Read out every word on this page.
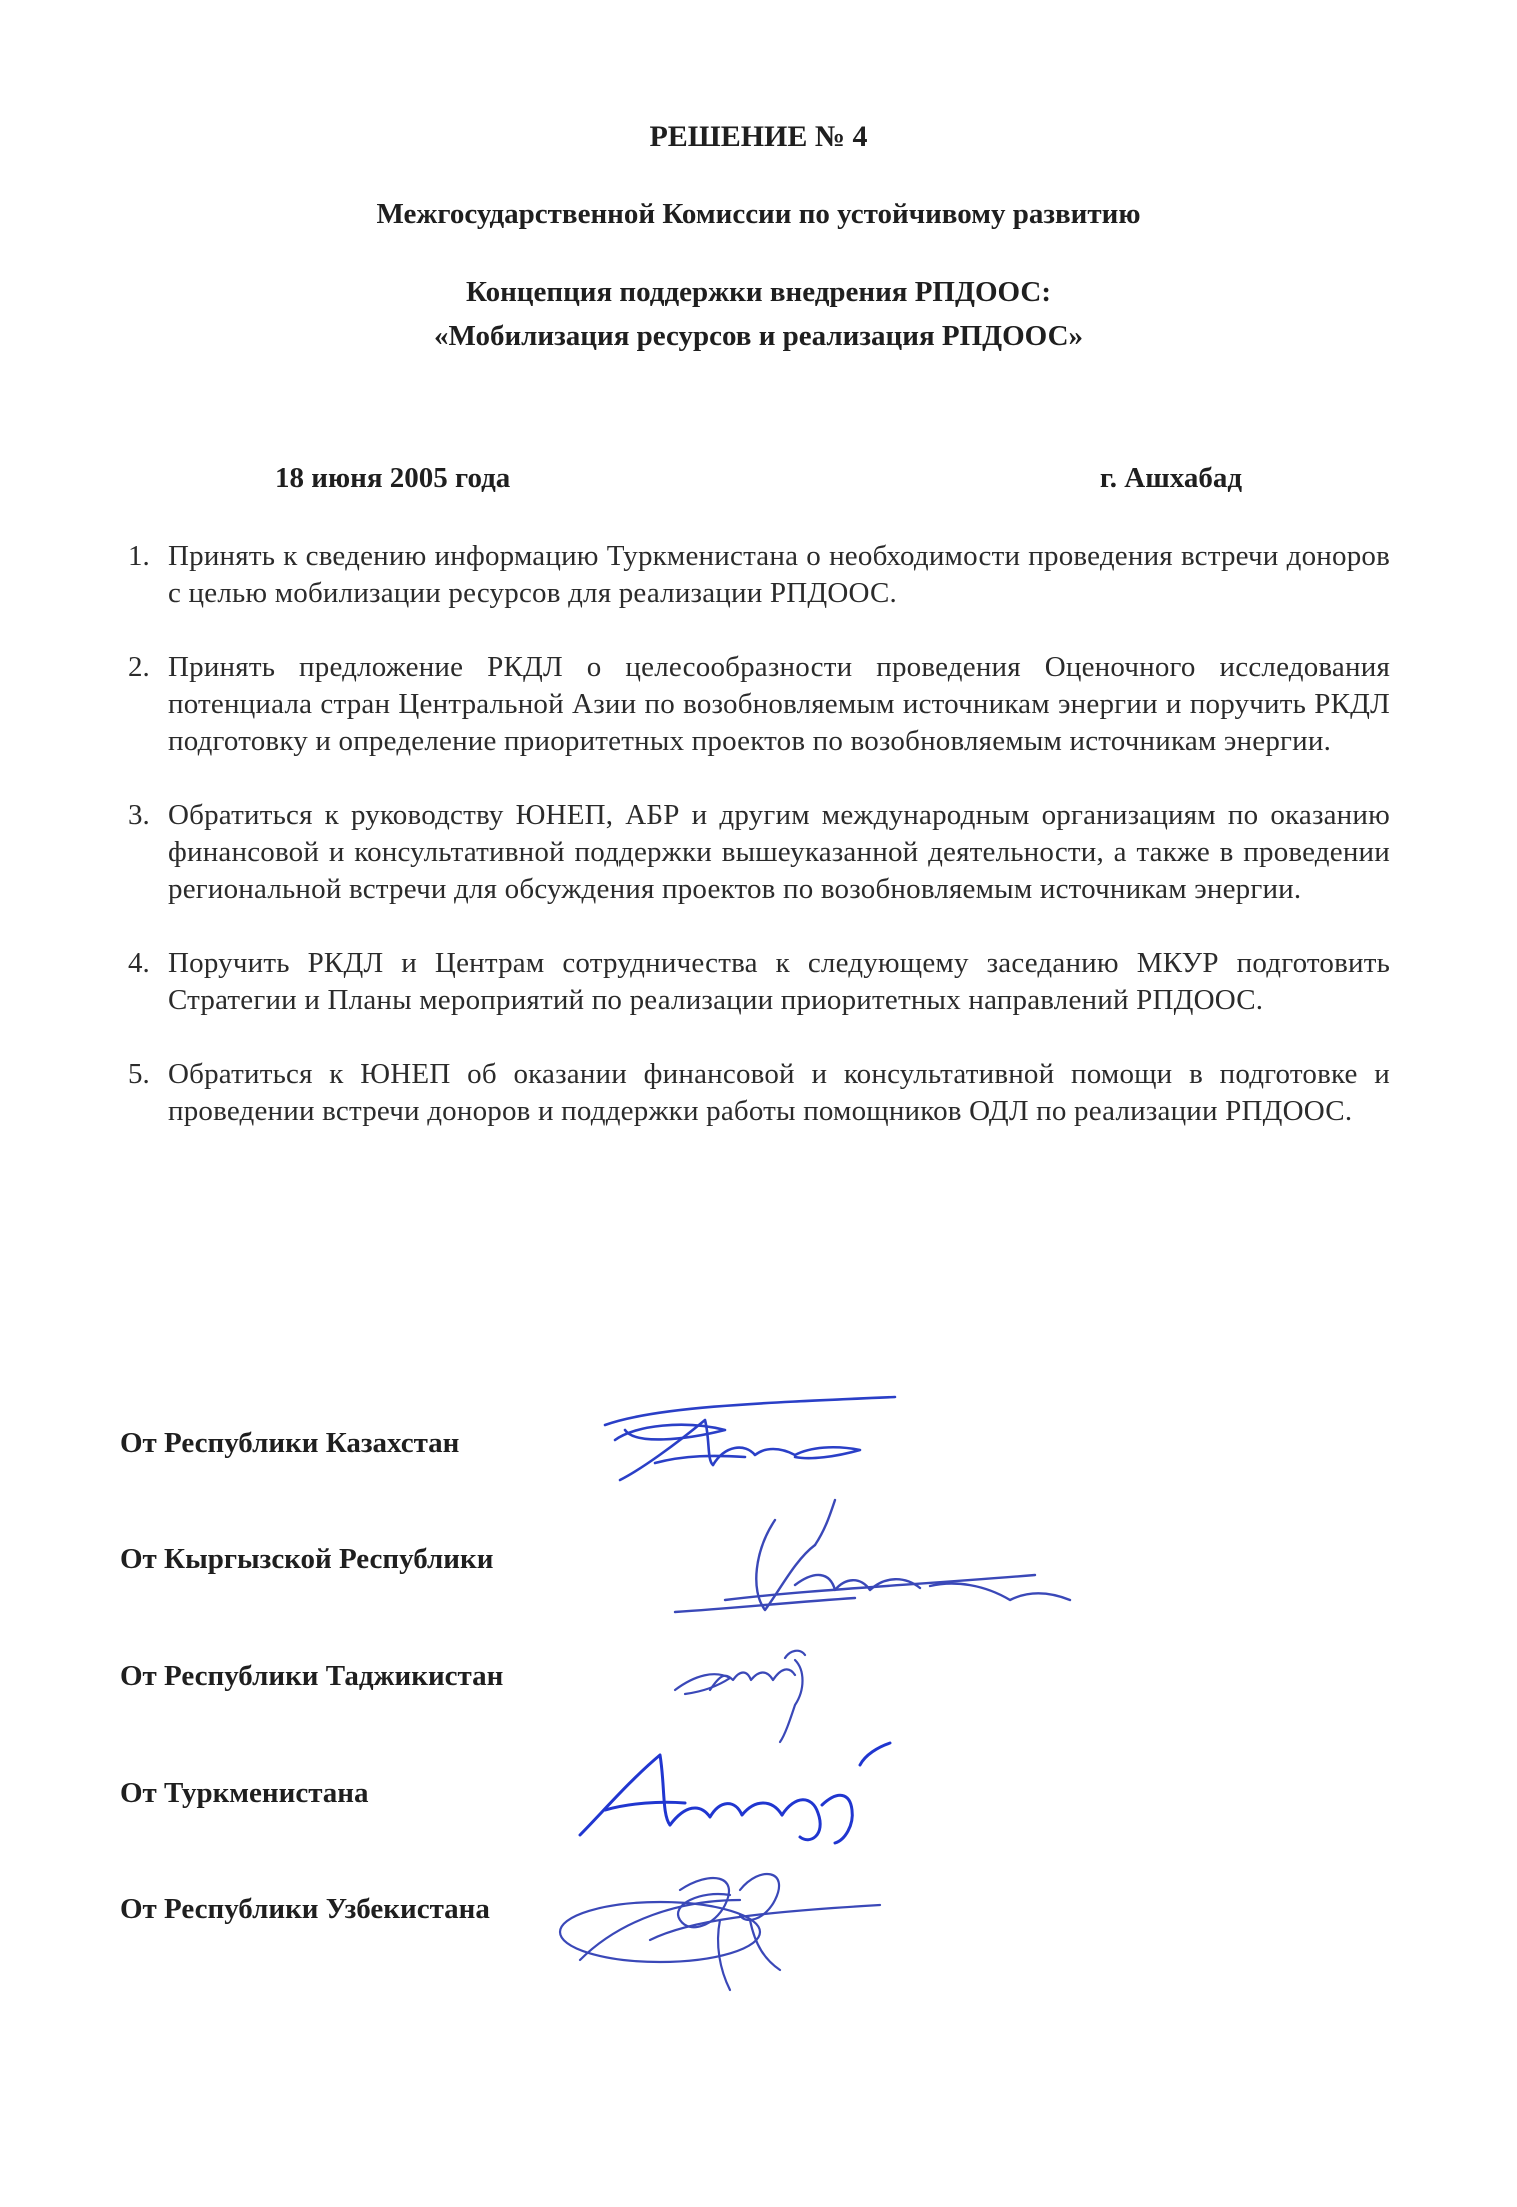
РЕШЕНИЕ № 4
Межгосударственной Комиссии по устойчивому развитию
Концепция поддержки внедрения РПДООС:
«Мобилизация ресурсов и реализация РПДООС»
18 июня 2005 года	г. Ашхабад
1. Принять к сведению информацию Туркменистана о необходимости проведения встречи доноров с целью мобилизации ресурсов для реализации РПДООС.
2. Принять предложение РКДЛ о целесообразности проведения Оценочного исследования потенциала стран Центральной Азии по возобновляемым источникам энергии и поручить РКДЛ подготовку и определение приоритетных проектов по возобновляемым источникам энергии.
3. Обратиться к руководству ЮНЕП, АБР и другим международным организациям по оказанию финансовой и консультативной поддержки вышеуказанной деятельности, а также в проведении региональной встречи для обсуждения проектов по возобновляемым источникам энергии.
4. Поручить РКДЛ и Центрам сотрудничества к следующему заседанию МКУР подготовить Стратегии и Планы мероприятий по реализации приоритетных направлений РПДООС.
5. Обратиться к ЮНЕП об оказании финансовой и консультативной помощи в подготовке и проведении встречи доноров и поддержки работы помощников ОДЛ по реализации РПДООС.
От Республики Казахстан
От Кыргызской Республики
От Республики Таджикистан
От Туркменистана
От Республики Узбекистана
